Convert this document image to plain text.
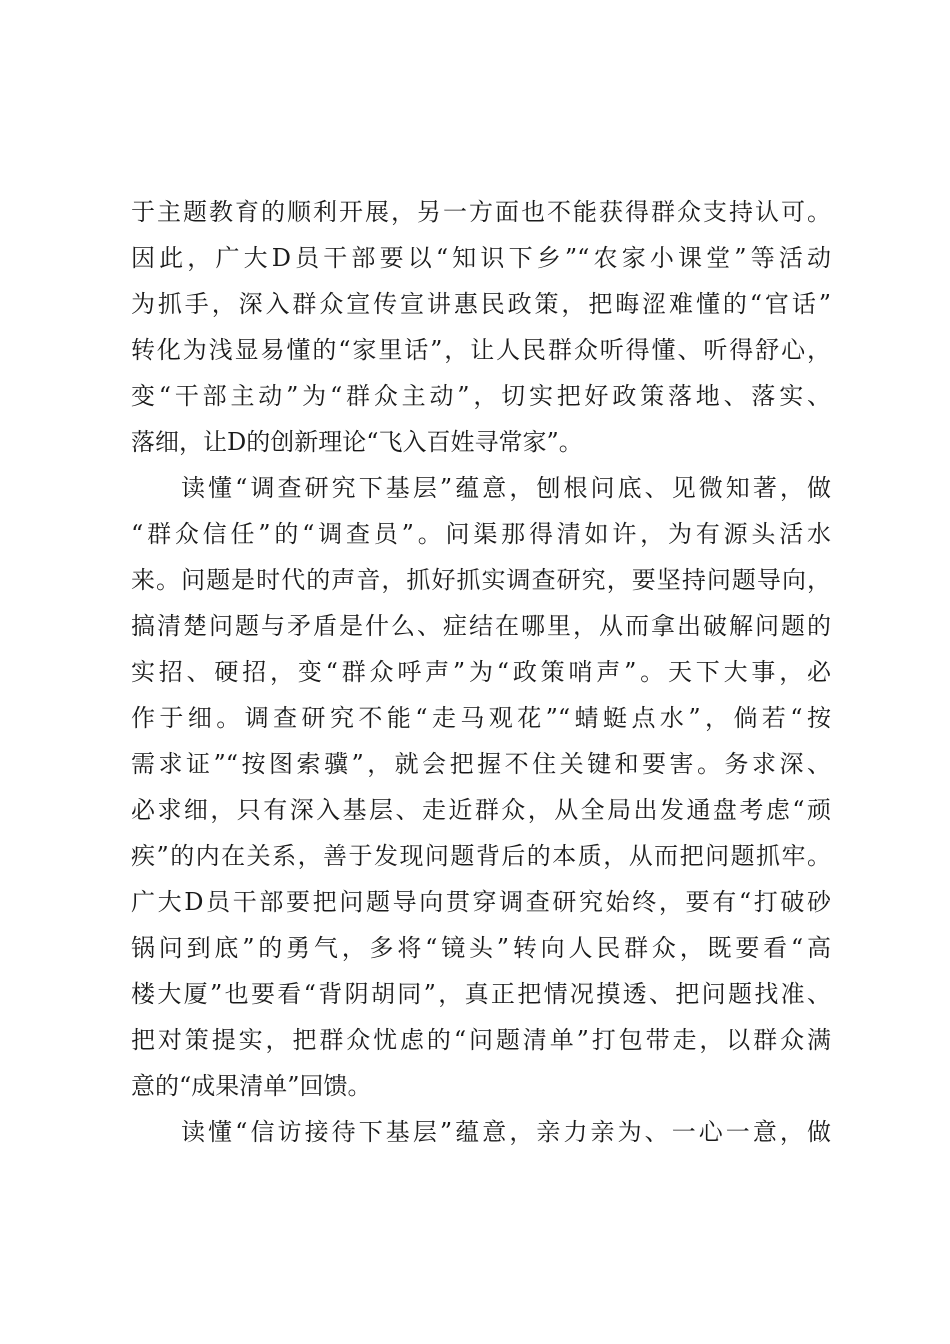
于主题教育的顺利开展，另一方面也不能获得群众支持认可。
因此，广大D员干部要以“知识下乡”“农家小课堂”等活动
为抓手，深入群众宣传宣讲惠民政策，把晦涩难懂的“官话”
转化为浅显易懂的“家里话”，让人民群众听得懂、听得舒心，
变“干部主动”为“群众主动”，切实把好政策落地、落实、
落细，让D的创新理论“飞入百姓寻常家”。
读懂“调查研究下基层”蕴意，刨根问底、见微知著，做
“群众信任”的“调查员”。问渠那得清如许，为有源头活水
来。问题是时代的声音，抓好抓实调查研究，要坚持问题导向，
搞清楚问题与矛盾是什么、症结在哪里，从而拿出破解问题的
实招、硬招，变“群众呼声”为“政策哨声”。天下大事，必
作于细。调查研究不能“走马观花”“蜻蜓点水”，倘若“按
需求证”“按图索骥”，就会把握不住关键和要害。务求深、
必求细，只有深入基层、走近群众，从全局出发通盘考虑“顽
疾”的内在关系，善于发现问题背后的本质，从而把问题抓牢。
广大D员干部要把问题导向贯穿调查研究始终，要有“打破砂
锅问到底”的勇气，多将“镜头”转向人民群众，既要看“高
楼大厦”也要看“背阴胡同”，真正把情况摸透、把问题找准、
把对策提实，把群众忧虑的“问题清单”打包带走，以群众满
意的“成果清单”回馈。
读懂“信访接待下基层”蕴意，亲力亲为、一心一意，做
